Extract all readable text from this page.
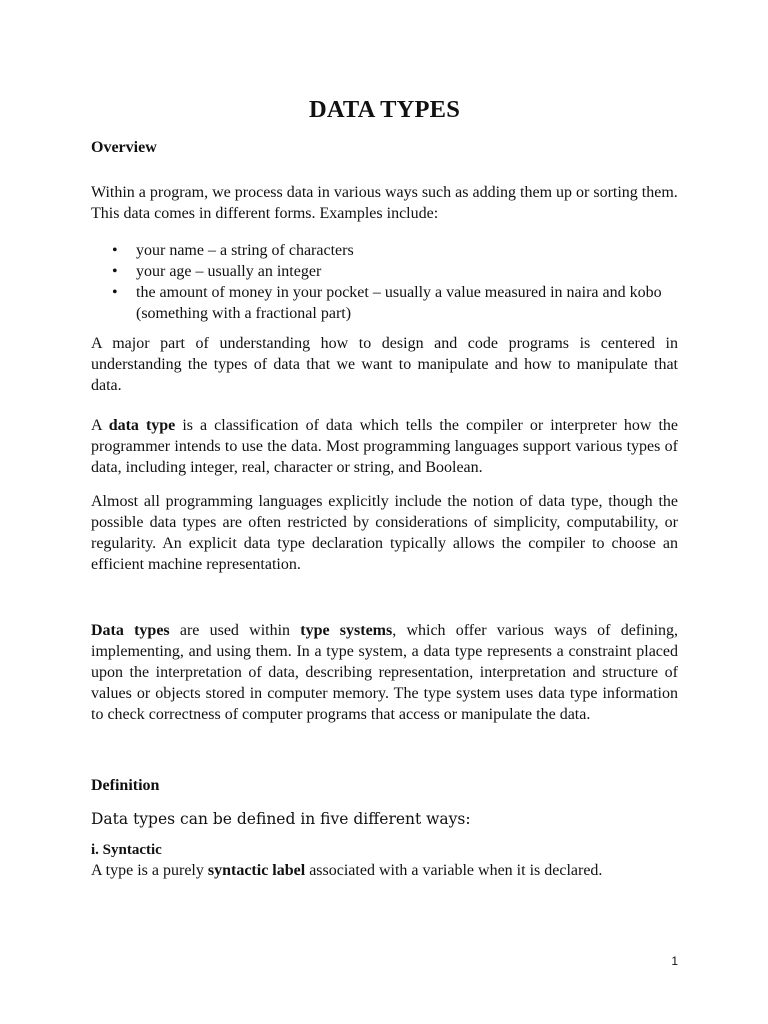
DATA TYPES

Overview

Within a program, we process data in various ways such as adding them up or sorting them. This data comes in different forms. Examples include:

• your name – a string of characters
• your age – usually an integer
• the amount of money in your pocket – usually a value measured in naira and kobo (something with a fractional part)

A major part of understanding how to design and code programs is centered in understanding the types of data that we want to manipulate and how to manipulate that data.

A data type is a classification of data which tells the compiler or interpreter how the programmer intends to use the data. Most programming languages support various types of data, including integer, real, character or string, and Boolean.

Almost all programming languages explicitly include the notion of data type, though the possible data types are often restricted by considerations of simplicity, computability, or regularity. An explicit data type declaration typically allows the compiler to choose an efficient machine representation.

Data types are used within type systems, which offer various ways of defining, implementing, and using them. In a type system, a data type represents a constraint placed upon the interpretation of data, describing representation, interpretation and structure of values or objects stored in computer memory. The type system uses data type information to check correctness of computer programs that access or manipulate the data.

Definition

Data types can be defined in five different ways:

i. Syntactic

A type is a purely syntactic label associated with a variable when it is declared.

1
